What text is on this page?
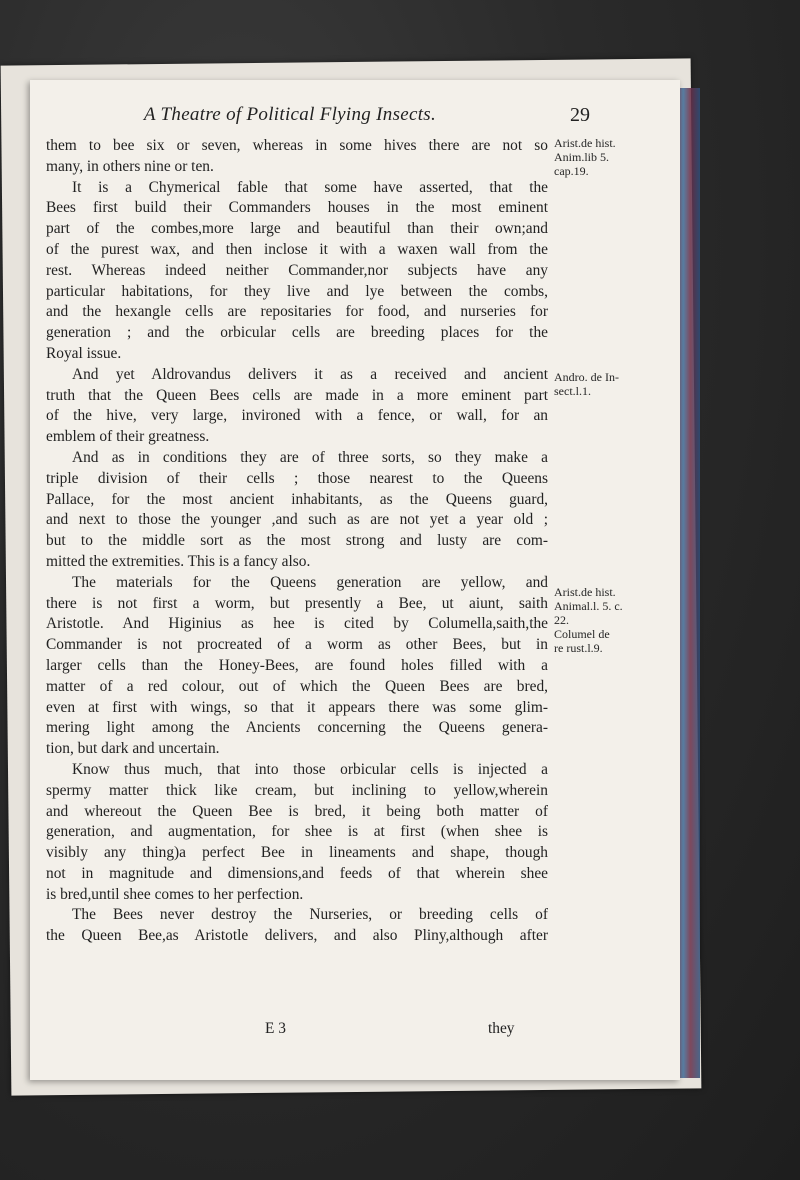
A Theatre of Political Flying Insects.	29

them to bee six or seven, whereas in some hives there are not so

many, in others nine or ten.

It is a Chymerical fable that some have asserted, that the

Bees first build their Commanders houses in the most eminent

part of the combes,more large and beautiful than their own;and

of the purest wax, and then inclose it with a waxen wall from the

rest. Whereas indeed neither Commander,nor subjects have any

particular habitations, for they live and lye between the combs,

and the hexangle cells are repositaries for food, and nurseries for

generation ; and the orbicular cells are breeding places for the

Royal issue.

And yet Aldrovandus delivers it as a received and ancient

truth that the Queen Bees cells are made in a more eminent part

of the hive, very large, invironed with a fence, or wall, for an

emblem of their greatness.

And as in conditions they are of three sorts, so they make a

triple division of their cells ; those nearest to the Queens

Pallace, for the most ancient inhabitants, as the Queens guard,

and next to those the younger ,and such as are not yet a year old ;

but to the middle sort as the most strong and lusty are com-

mitted the extremities. This is a fancy also.

The materials for the Queens generation are yellow, and

there is not first a worm, but presently a Bee, ut aiunt, saith

Aristotle. And Higinius as hee is cited by Columella,saith,the

Commander is not procreated of a worm as other Bees, but in

larger cells than the Honey-Bees, are found holes filled with a

matter of a red colour, out of which the Queen Bees are bred,

even at first with wings, so that it appears there was some glim-

mering light among the Ancients concerning the Queens genera-

tion, but dark and uncertain.

Know thus much, that into those orbicular cells is injected a

spermy matter thick like cream, but inclining to yellow,wherein

and whereout the Queen Bee is bred, it being both matter of

generation, and augmentation, for shee is at first (when shee is

visibly any thing)a perfect Bee in lineaments and shape, though

not in magnitude and dimensions,and feeds of that wherein shee

is bred,until shee comes to her perfection.

The Bees never destroy the Nurseries, or breeding cells of

the Queen Bee,as Aristotle delivers, and also Pliny,although after

Arist.de hist.
Anim.lib 5.
cap.19.
Andro. de In-
sect.l.1.
Arist.de hist.
Animal.l. 5. c.
22.
Columel de
re rust.l.9.
E 3	they
